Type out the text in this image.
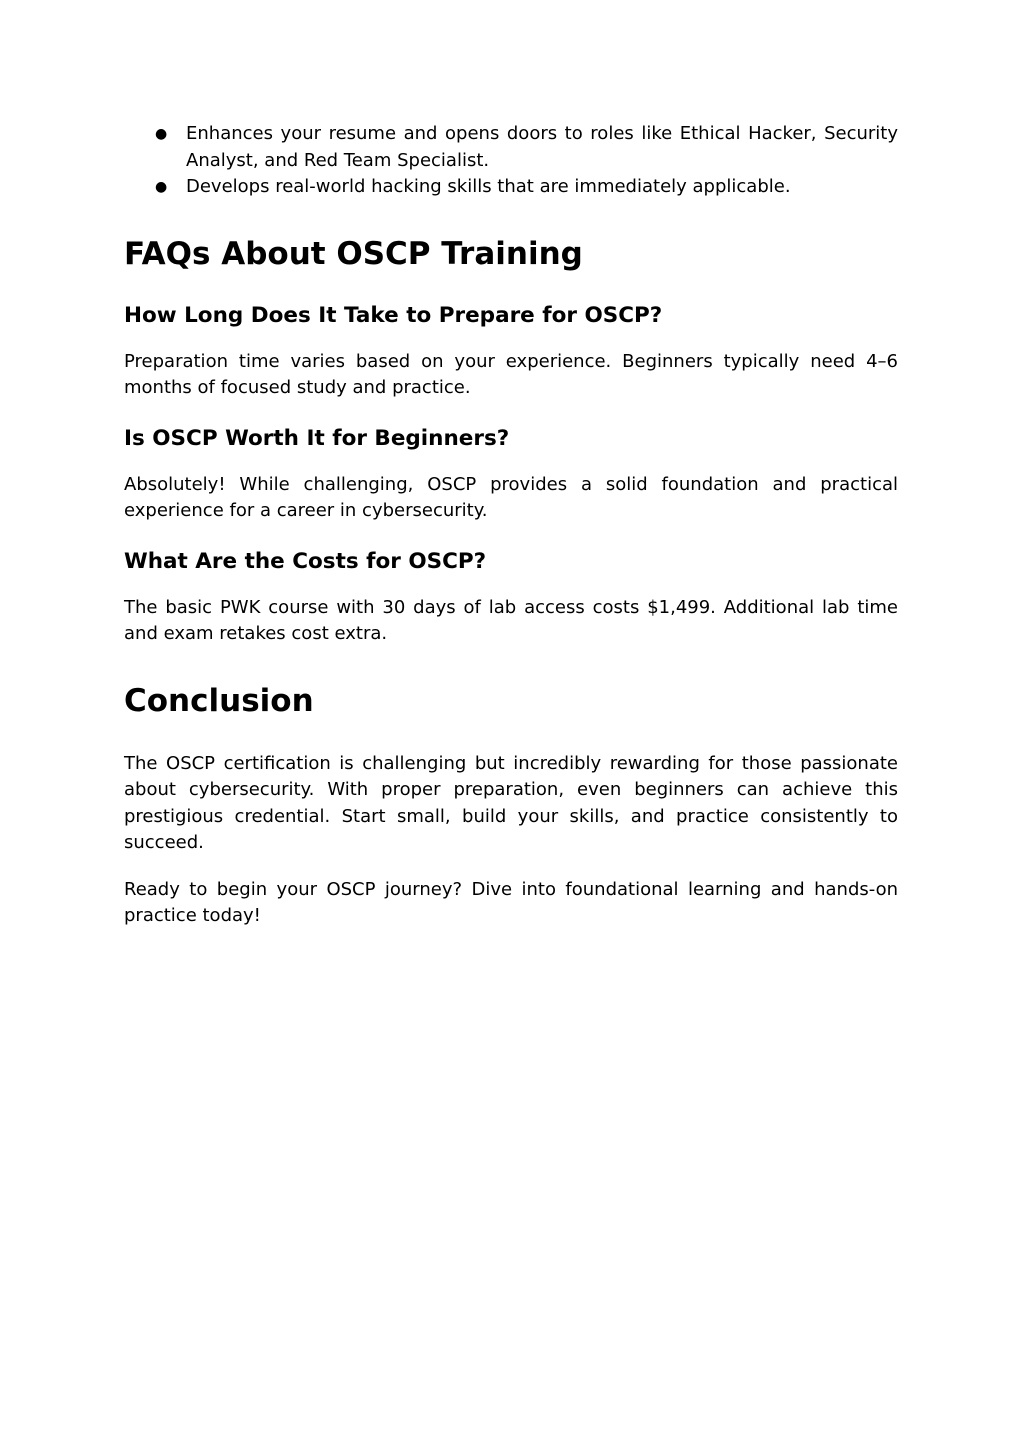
● Enhances your resume and opens doors to roles like Ethical Hacker, Security Analyst, and Red Team Specialist.
● Develops real-world hacking skills that are immediately applicable.
FAQs About OSCP Training
How Long Does It Take to Prepare for OSCP?

Preparation time varies based on your experience. Beginners typically need 4–6 months of focused study and practice.

Is OSCP Worth It for Beginners?

Absolutely! While challenging, OSCP provides a solid foundation and practical experience for a career in cybersecurity.

What Are the Costs for OSCP?

The basic PWK course with 30 days of lab access costs $1,499. Additional lab time and exam retakes cost extra.

Conclusion

The OSCP certification is challenging but incredibly rewarding for those passionate about cybersecurity. With proper preparation, even beginners can achieve this prestigious credential. Start small, build your skills, and practice consistently to succeed.

Ready to begin your OSCP journey? Dive into foundational learning and hands-on practice today!
